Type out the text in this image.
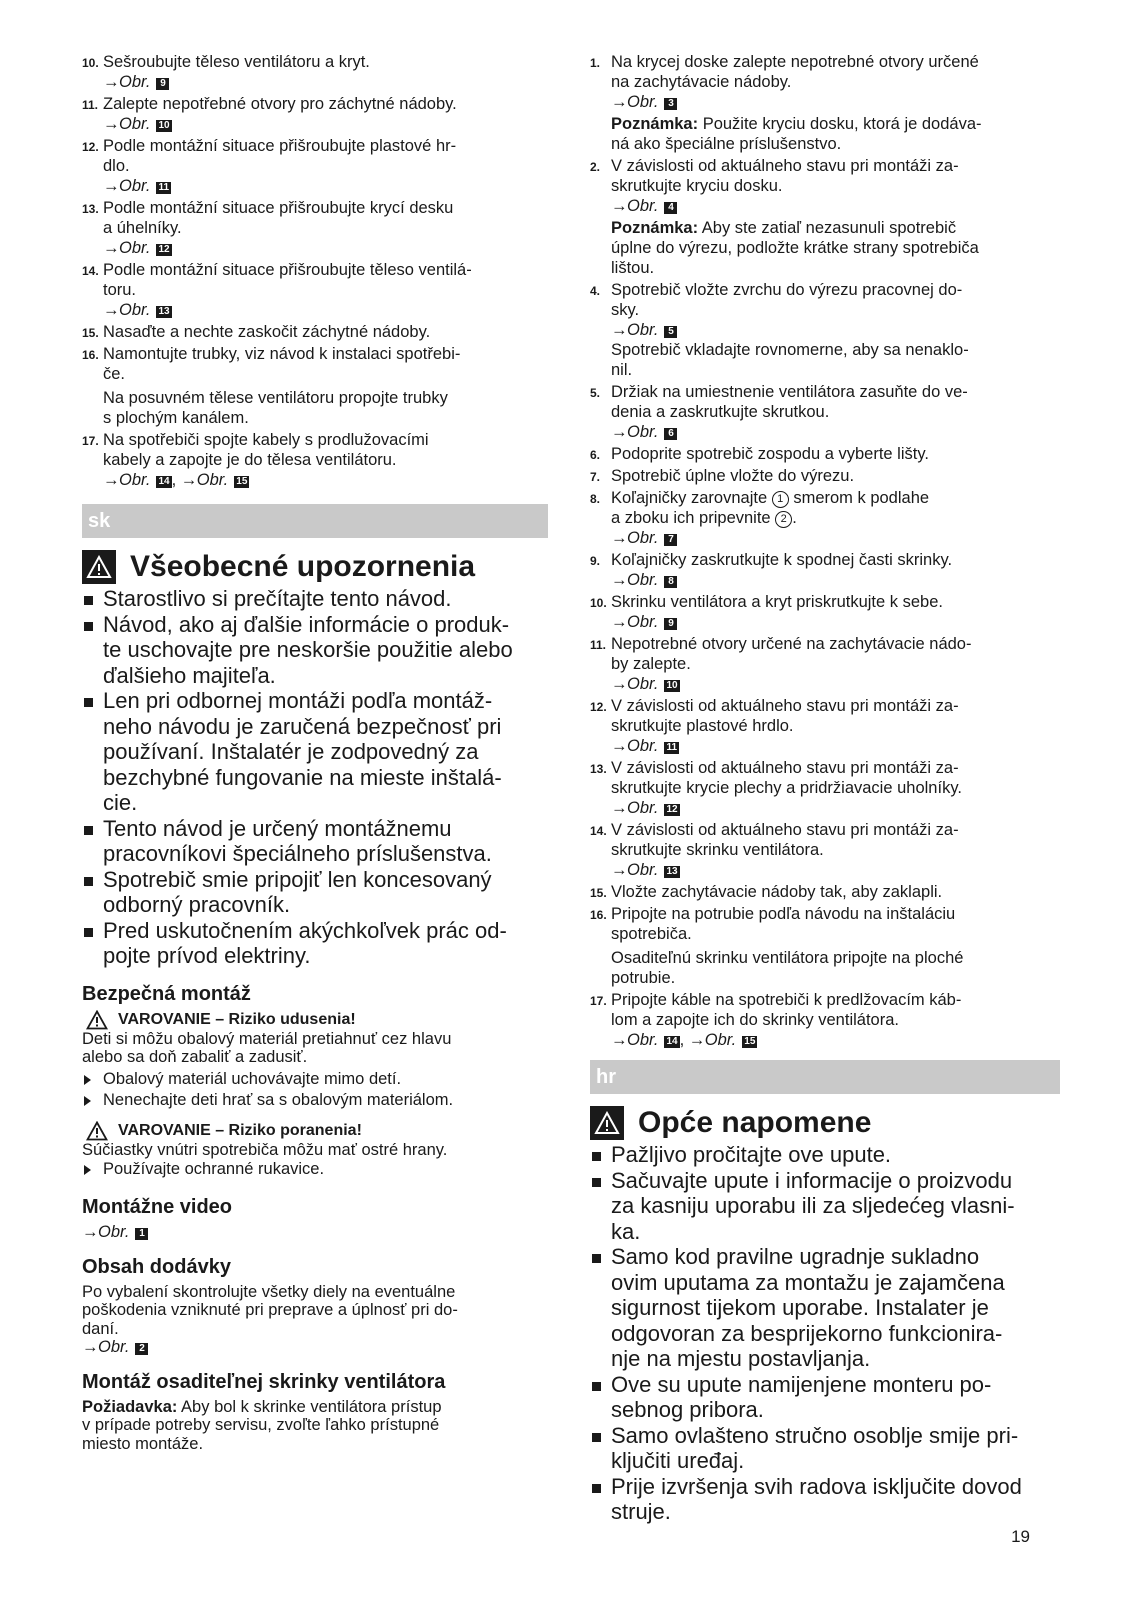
10. Sešroubujte těleso ventilátoru a kryt.
→Obr. 9
11. Zalepte nepotřebné otvory pro záchytné nádoby.
→Obr. 10
12. Podle montážní situace přišroubujte plastové hr-
dlo.
→Obr. 11
13. Podle montážní situace přišroubujte krycí desku
a úhelníky.
→Obr. 12
14. Podle montážní situace přišroubujte těleso ventilá-
toru.
→Obr. 13
15. Nasaďte a nechte zaskočit záchytné nádoby.
16. Namontujte trubky, viz návod k instalaci spotřebi-
če.
Na posuvném tělese ventilátoru propojte trubky
s plochým kanálem.
17. Na spotřebiči spojte kabely s prodlužovacími
kabely a zapojte je do tělesa ventilátoru.
→Obr. 14 , →Obr. 15
sk
Všeobecné upozornenia
Starostlivo si prečítajte tento návod.
Návod, ako aj ďalšie informácie o produk-
te uschovajte pre neskoršie použitie alebo
ďalšieho majiteľa.
Len pri odbornej montáži podľa montáž-
neho návodu je zaručená bezpečnosť pri
používaní. Inštalatér je zodpovedný za
bezchybné fungovanie na mieste inštalá-
cie.
Tento návod je určený montážnemu
pracovníkovi špeciálneho príslušenstva.
Spotrebič smie pripojiť len koncesovaný
odborný pracovník.
Pred uskutočnením akýchkoľvek prác od-
pojte prívod elektriny.
Bezpečná montáž
VAROVANIE – Riziko udusenia!
Deti si môžu obalový materiál pretiahnuť cez hlavu
alebo sa doň zabaliť a zadusiť.
Obalový materiál uchovávajte mimo detí.
Nenechajte deti hrať sa s obalovým materiálom.
VAROVANIE – Riziko poranenia!
Súčiastky vnútri spotrebiča môžu mať ostré hrany.
Používajte ochranné rukavice.
Montážne video
→Obr. 1
Obsah dodávky
Po vybalení skontrolujte všetky diely na eventuálne
poškodenia vzniknuté pri preprave a úplnosť pri do-
daní.
→Obr. 2
Montáž osaditeľnej skrinky ventilátora
Požiadavka: Aby bol k skrinke ventilátora prístup
v prípade potreby servisu, zvoľte ľahko prístupné
miesto montáže.
1. Na krycej doske zalepte nepotrebné otvory určené
na zachytávacie nádoby.
→Obr. 3
Poznámka: Použite kryciu dosku, ktorá je dodáva-
ná ako špeciálne príslušenstvo.
2. V závislosti od aktuálneho stavu pri montáži za-
skrutkujte kryciu dosku.
→Obr. 4
Poznámka: Aby ste zatiaľ nezasunuli spotrebič
úplne do výrezu, podložte krátke strany spotrebiča
lištou.
4. Spotrebič vložte zvrchu do výrezu pracovnej do-
sky.
→Obr. 5
Spotrebič vkladajte rovnomerne, aby sa nenaklo-
nil.
5. Držiak na umiestnenie ventilátora zasuňte do ve-
denia a zaskrutkujte skrutkou.
→Obr. 6
6. Podoprite spotrebič zospodu a vyberte lišty.
7. Spotrebič úplne vložte do výrezu.
8. Koľajničky zarovnajte 1 smerom k podlahe
a zboku ich pripevnite 2 .
→Obr. 7
9. Koľajničky zaskrutkujte k spodnej časti skrinky.
→Obr. 8
10. Skrinku ventilátora a kryt priskrutkujte k sebe.
→Obr. 9
11. Nepotrebné otvory určené na zachytávacie nádo-
by zalepte.
→Obr. 10
12. V závislosti od aktuálneho stavu pri montáži za-
skrutkujte plastové hrdlo.
→Obr. 11
13. V závislosti od aktuálneho stavu pri montáži za-
skrutkujte krycie plechy a pridržiavacie uholníky.
→Obr. 12
14. V závislosti od aktuálneho stavu pri montáži za-
skrutkujte skrinku ventilátora.
→Obr. 13
15. Vložte zachytávacie nádoby tak, aby zaklapli.
16. Pripojte na potrubie podľa návodu na inštaláciu
spotrebiča.
Osaditeľnú skrinku ventilátora pripojte na ploché
potrubie.
17. Pripojte káble na spotrebiči k predlžovacím káb-
lom a zapojte ich do skrinky ventilátora.
→Obr. 14 , →Obr. 15
hr
Opće napomene
Pažljivo pročitajte ove upute.
Sačuvajte upute i informacije o proizvodu
za kasniju uporabu ili za sljedećeg vlasni-
ka.
Samo kod pravilne ugradnje sukladno
ovim uputama za montažu je zajamčena
sigurnost tijekom uporabe. Instalater je
odgovoran za besprijekorno funkcionira-
nje na mjestu postavljanja.
Ove su upute namijenjene monteru po-
sebnog pribora.
Samo ovlašteno stručno osoblje smije pri-
ključiti uređaj.
Prije izvršenja svih radova isključite dovod
struje.
19
